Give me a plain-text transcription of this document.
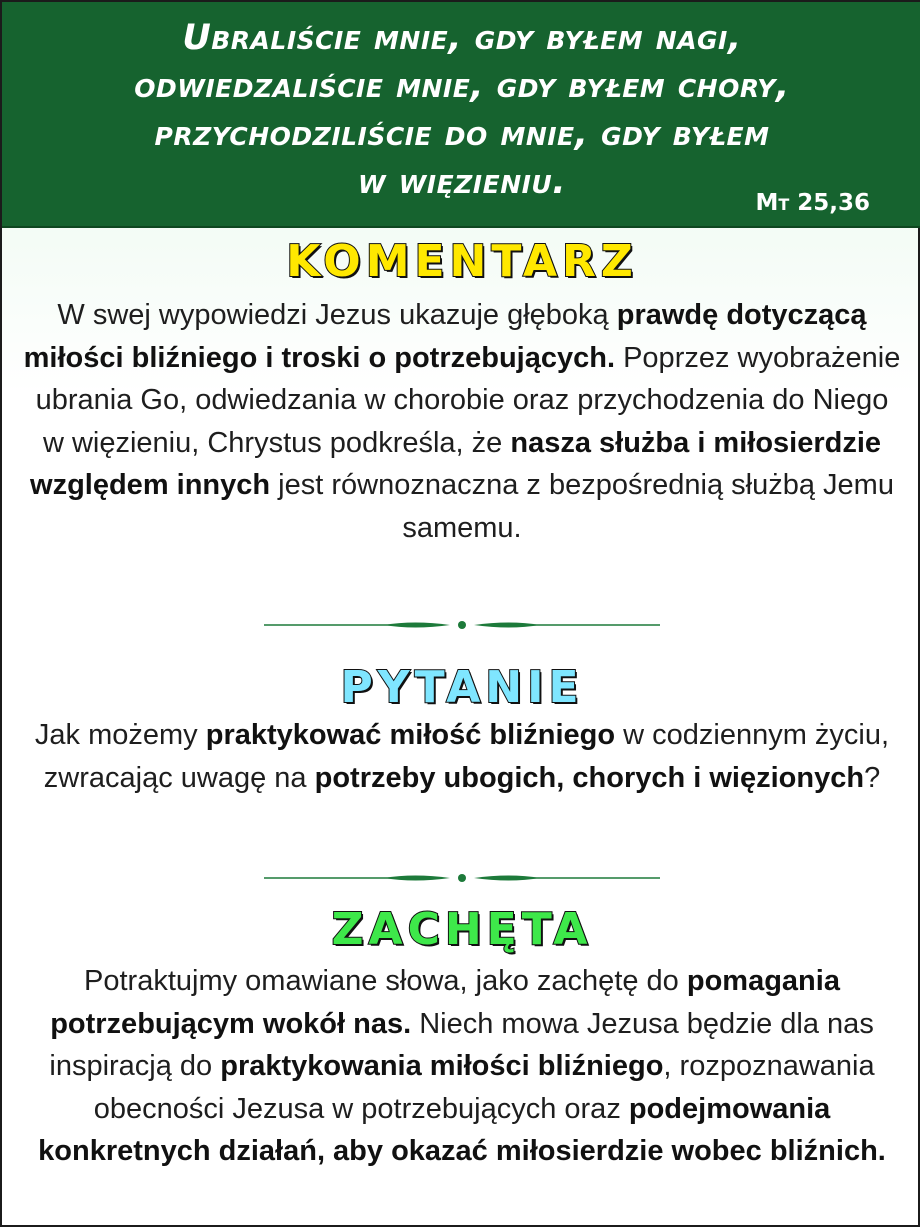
Ubraliście mnie, gdy byłem nagi,
odwiedzaliście mnie, gdy byłem chory,
przychodziliście do mnie, gdy byłem
w więzieniu.
Mt 25,36
KOMENTARZ
W swej wypowiedzi Jezus ukazuje głęboką prawdę dotyczącą miłości bliźniego i troski o potrzebujących. Poprzez wyobrażenie ubrania Go, odwiedzania w chorobie oraz przychodzenia do Niego w więzieniu, Chrystus podkreśla, że nasza służba i miłosierdzie względem innych jest równoznaczna z bezpośrednią służbą Jemu samemu.
PYTANIE
Jak możemy praktykować miłość bliźniego w codziennym życiu, zwracając uwagę na potrzeby ubogich, chorych i więzionych?
ZACHĘTA
Potraktujmy omawiane słowa, jako zachętę do pomagania potrzebującym wokół nas. Niech mowa Jezusa będzie dla nas inspiracją do praktykowania miłości bliźniego, rozpoznawania obecności Jezusa w potrzebujących oraz podejmowania konkretnych działań, aby okazać miłosierdzie wobec bliźnich.
